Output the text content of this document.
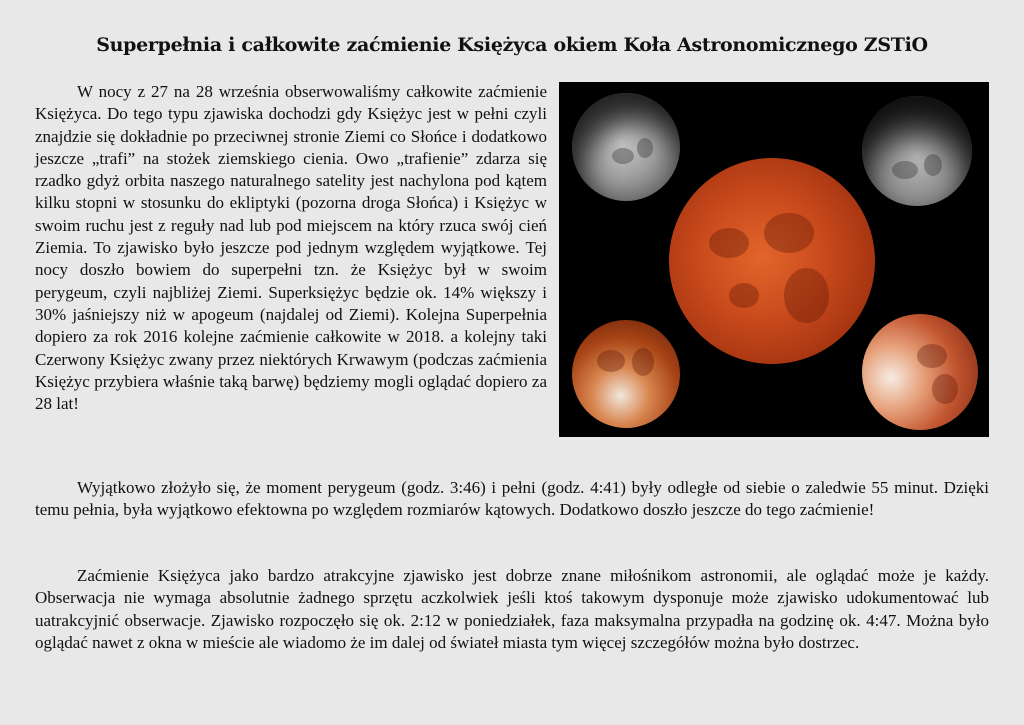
Superpełnia i całkowite zaćmienie Księżyca okiem Koła Astronomicznego ZSTiO

W nocy z 27 na 28 września obserwowaliśmy całkowite zaćmienie Księżyca. Do tego typu zjawiska dochodzi gdy Księżyc jest w pełni czyli znajdzie się dokładnie po przeciwnej stronie Ziemi co Słońce i dodatkowo jeszcze „trafi” na stożek ziemskiego cienia. Owo „trafienie” zdarza się rzadko gdyż orbita naszego naturalnego satelity jest nachylona pod kątem kilku stopni w stosunku do ekliptyki (pozorna droga Słońca) i Księżyc w swoim ruchu jest z reguły nad lub pod miejscem na który rzuca swój cień Ziemia. To zjawisko było jeszcze pod jednym względem wyjątkowe. Tej nocy doszło bowiem do superpełni tzn. że Księżyc był w swoim perygeum, czyli najbliżej Ziemi. Superksiężyc będzie ok. 14% większy i 30% jaśniejszy niż w apogeum (najdalej od Ziemi). Kolejna Superpełnia dopiero za rok 2016 kolejne zaćmienie całkowite w 2018. a kolejny taki Czerwony Księżyc zwany przez niektórych Krwawym (podczas zaćmienia Księżyc przybiera właśnie taką barwę) będziemy mogli oglądać dopiero za 28 lat!

Wyjątkowo złożyło się, że moment perygeum (godz. 3:46) i pełni (godz. 4:41) były odległe od siebie o zaledwie 55 minut. Dzięki temu pełnia, była wyjątkowo efektowna po względem rozmiarów kątowych. Dodatkowo doszło jeszcze do tego zaćmienie!

Zaćmienie Księżyca jako bardzo atrakcyjne zjawisko jest dobrze znane miłośnikom astronomii, ale oglądać może je każdy. Obserwacja nie wymaga absolutnie żadnego sprzętu aczkolwiek jeśli ktoś takowym dysponuje może zjawisko udokumentować lub uatrakcyjnić obserwacje. Zjawisko rozpoczęło się ok. 2:12 w poniedziałek, faza maksymalna przypadła na godzinę ok. 4:47. Można było oglądać nawet z okna w mieście ale wiadomo że im dalej od świateł miasta tym więcej szczegółów można było dostrzec.
